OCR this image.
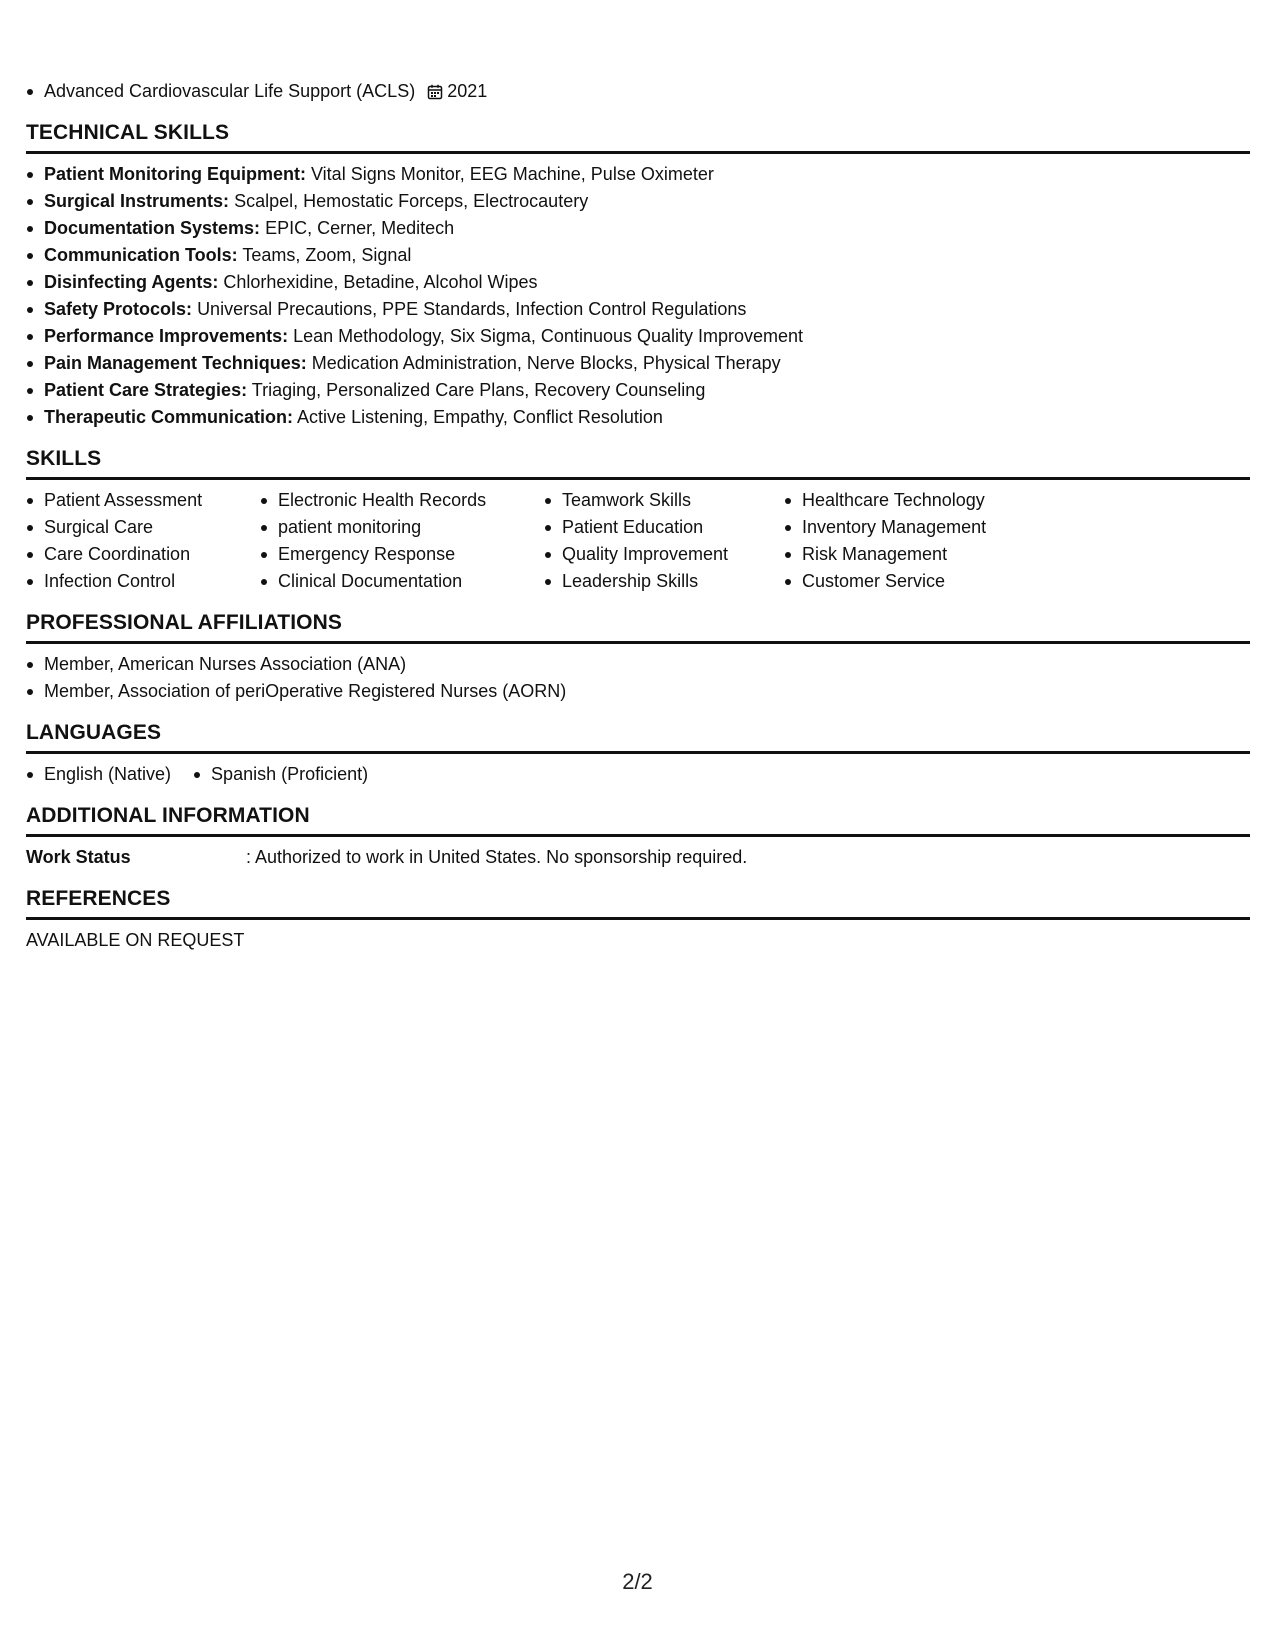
Advanced Cardiovascular Life Support (ACLS) 2021
TECHNICAL SKILLS
Patient Monitoring Equipment: Vital Signs Monitor, EEG Machine, Pulse Oximeter
Surgical Instruments: Scalpel, Hemostatic Forceps, Electrocautery
Documentation Systems: EPIC, Cerner, Meditech
Communication Tools: Teams, Zoom, Signal
Disinfecting Agents: Chlorhexidine, Betadine, Alcohol Wipes
Safety Protocols: Universal Precautions, PPE Standards, Infection Control Regulations
Performance Improvements: Lean Methodology, Six Sigma, Continuous Quality Improvement
Pain Management Techniques: Medication Administration, Nerve Blocks, Physical Therapy
Patient Care Strategies: Triaging, Personalized Care Plans, Recovery Counseling
Therapeutic Communication: Active Listening, Empathy, Conflict Resolution
SKILLS
Patient Assessment
Surgical Care
Care Coordination
Infection Control
Electronic Health Records
patient monitoring
Emergency Response
Clinical Documentation
Teamwork Skills
Patient Education
Quality Improvement
Leadership Skills
Healthcare Technology
Inventory Management
Risk Management
Customer Service
PROFESSIONAL AFFILIATIONS
Member, American Nurses Association (ANA)
Member, Association of periOperative Registered Nurses (AORN)
LANGUAGES
English (Native)	Spanish (Proficient)
ADDITIONAL INFORMATION
Work Status	: Authorized to work in United States. No sponsorship required.
REFERENCES
AVAILABLE ON REQUEST
2/2
